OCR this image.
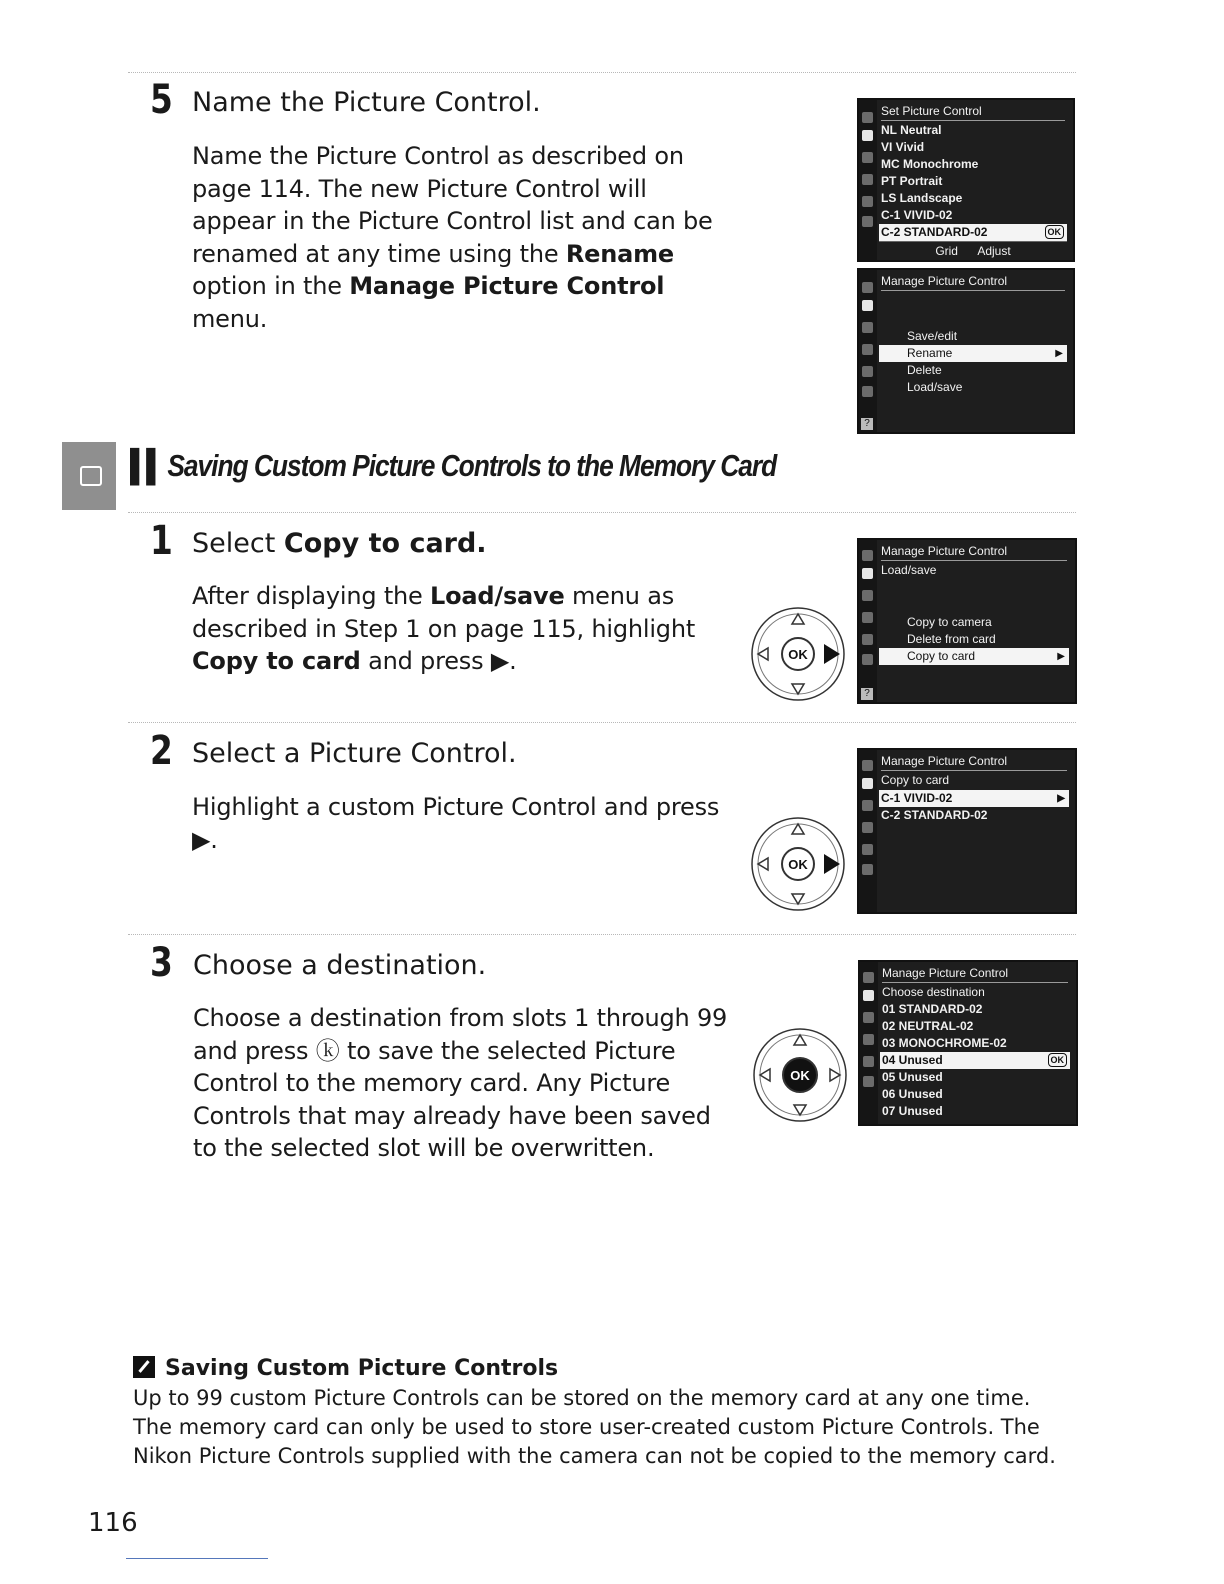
5 Name the Picture Control.
Name the Picture Control as described on page 114. The new Picture Control will appear in the Picture Control list and can be renamed at any time using the Rename option in the Manage Picture Control menu.
Set Picture Control
NL Neutral
VI Vivid
MC Monochrome
PT Portrait
LS Landscape
C-1 VIVID-02
C-2 STANDARD-02	OK
Grid Adjust
Manage Picture Control
Save/edit
Rename	▶
Delete
Load/save
?
▌▌ Saving Custom Picture Controls to the Memory Card
1 Select Copy to card.
After displaying the Load/save menu as described in Step 1 on page 115, highlight Copy to card and press ▶.	OK
Manage Picture Control
Load/save
Copy to camera
Delete from card
Copy to card	▶
?
2 Select a Picture Control.
Highlight a custom Picture Control and press ▶.
OK
Manage Picture Control
Copy to card
C-1 VIVID-02	▶
C-2 STANDARD-02

3 Choose a destination.
Choose a destination from slots 1 through 99 and press ⓚ to save the selected Picture Control to the memory card. Any Picture Controls that may already have been saved to the selected slot will be overwritten.
OK
Manage Picture Control
Choose destination
01 STANDARD-02
02 NEUTRAL-02
03 MONOCHROME-02
04 Unused	OK
05 Unused
06 Unused
07 Unused
Saving Custom Picture Controls
Up to 99 custom Picture Controls can be stored on the memory card at any one time. The memory card can only be used to store user-created custom Picture Controls. The Nikon Picture Controls supplied with the camera can not be copied to the memory card.
116
